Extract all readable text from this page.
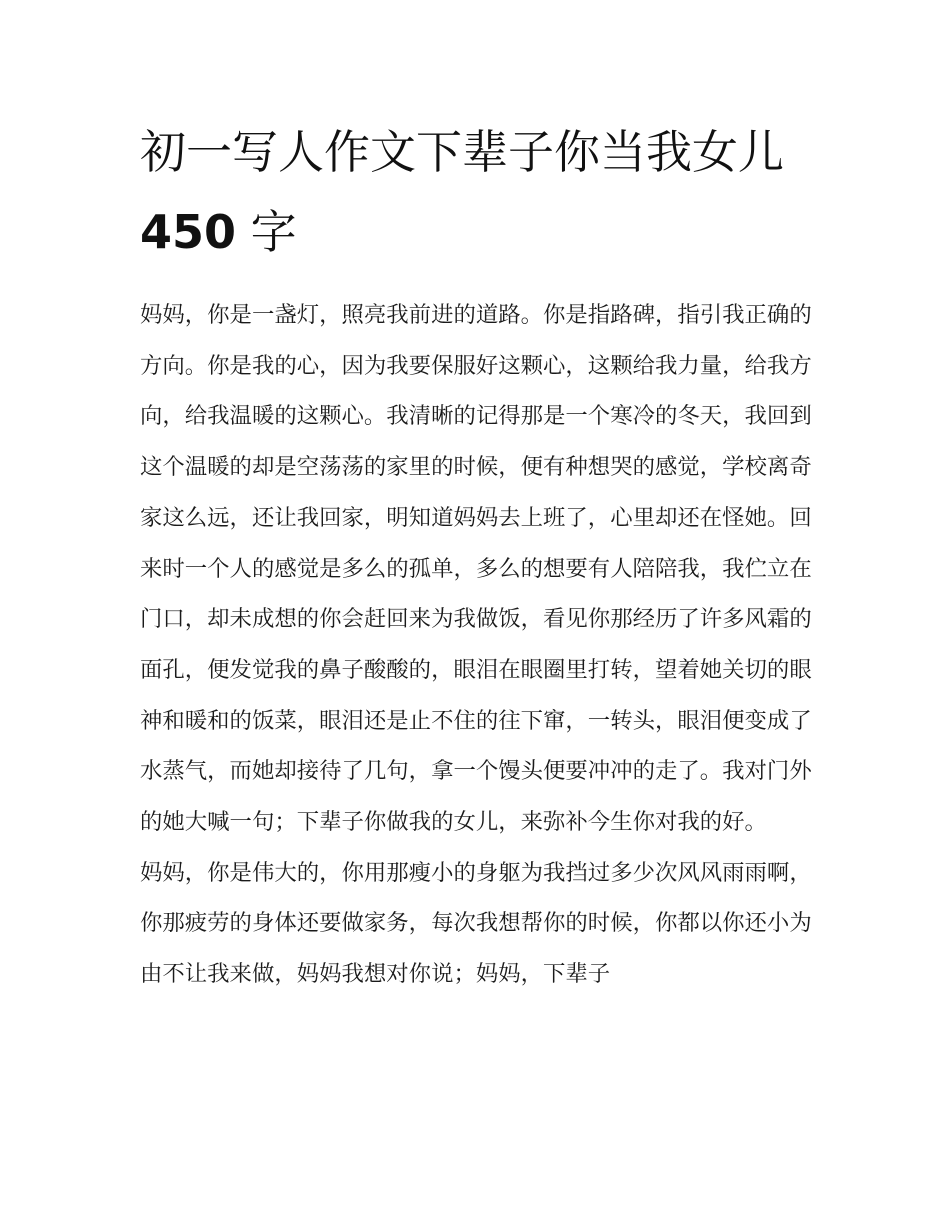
初一写人作文下辈子你当我女儿 450 字

妈妈，你是一盏灯，照亮我前进的道路。你是指路碑，指引我正确的方向。你是我的心，因为我要保服好这颗心，这颗给我力量，给我方向，给我温暖的这颗心。我清晰的记得那是一个寒冷的冬天，我回到这个温暖的却是空荡荡的家里的时候，便有种想哭的感觉，学校离奇家这么远，还让我回家，明知道妈妈去上班了，心里却还在怪她。回来时一个人的感觉是多么的孤单，多么的想要有人陪陪我，我伫立在门口，却未成想的你会赶回来为我做饭，看见你那经历了许多风霜的面孔，便发觉我的鼻子酸酸的，眼泪在眼圈里打转，望着她关切的眼神和暖和的饭菜，眼泪还是止不住的往下窜，一转头，眼泪便变成了水蒸气，而她却接待了几句，拿一个馒头便要冲冲的走了。我对门外的她大喊一句；下辈子你做我的女儿，来弥补今生你对我的好。

妈妈，你是伟大的，你用那瘦小的身躯为我挡过多少次风风雨雨啊，你那疲劳的身体还要做家务，每次我想帮你的时候，你都以你还小为由不让我来做，妈妈我想对你说；妈妈，下辈子
